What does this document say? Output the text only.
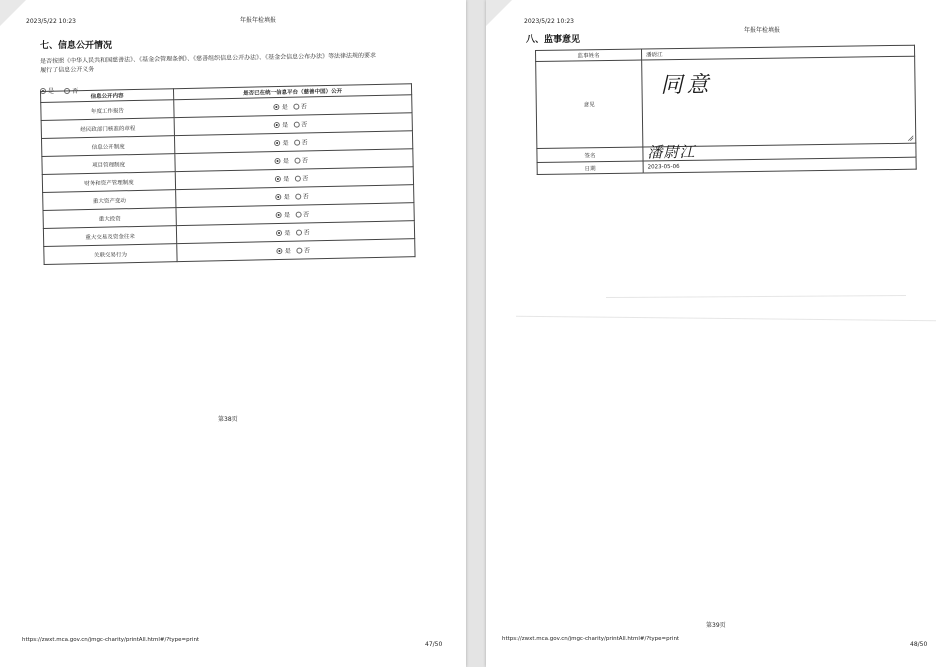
2023/5/22 10:23	年报年检填报
七、信息公开情况
是否按照《中华人民共和国慈善法》、《基金会管理条例》、《慈善组织信息公开办法》、《基金会信息公布办法》等法律法规的要求
履行了信息公开义务
是	否
信息公开内容	是否已在统一信息平台（慈善中国）公开
年度工作报告	是 否
经民政部门核准的章程	是 否
信息公开制度	是 否
项目管理制度	是 否
财务和资产管理制度	是 否
重大资产变动	是 否
重大投资	是 否
重大交易及资金往来	是 否
关联交易行为	是 否
第38页
https://zwxt.mca.gov.cn/jmgc-charity/printAll.html#/?type=print
47/50
2023/5/22 10:23
年报年检填报
八、监事意见
监事姓名	潘尉江
意见	同意

签名	潘尉江

日期	2023-05-06
第39页
https://zwxt.mca.gov.cn/jmgc-charity/printAll.html#/?type=print
48/50
